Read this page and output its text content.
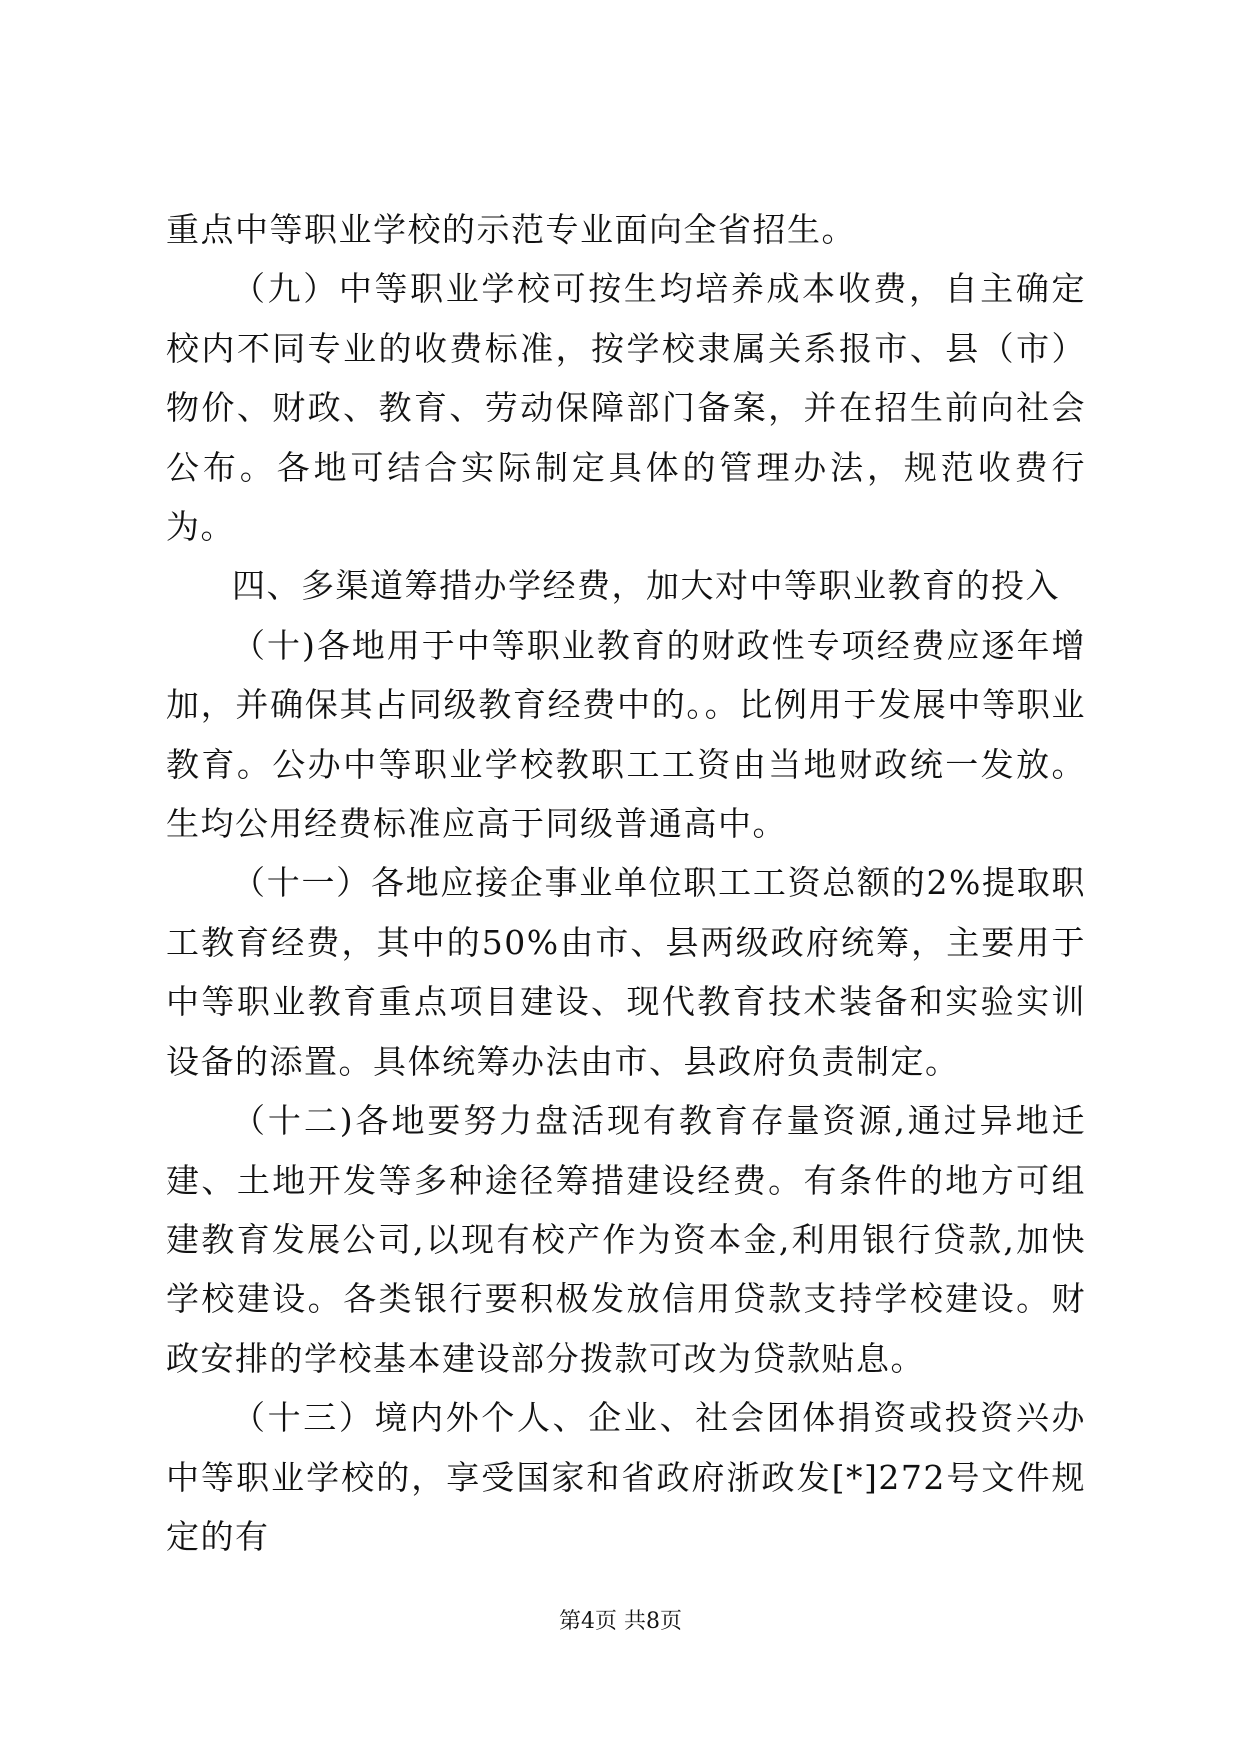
重点中等职业学校的示范专业面向全省招生。

（九）中等职业学校可按生均培养成本收费，自主确定校内不同专业的收费标准，按学校隶属关系报市、县（市）物价、财政、教育、劳动保障部门备案，并在招生前向社会公布。各地可结合实际制定具体的管理办法，规范收费行为。

四、多渠道筹措办学经费，加大对中等职业教育的投入

（十)各地用于中等职业教育的财政性专项经费应逐年增加，并确保其占同级教育经费中的。。比例用于发展中等职业教育。公办中等职业学校教职工工资由当地财政统一发放。生均公用经费标准应高于同级普通高中。

（十一）各地应接企事业单位职工工资总额的2%提取职工教育经费，其中的50%由市、县两级政府统筹，主要用于中等职业教育重点项目建设、现代教育技术装备和实验实训设备的添置。具体统筹办法由市、县政府负责制定。

（十二)各地要努力盘活现有教育存量资源,通过异地迁建、土地开发等多种途径筹措建设经费。有条件的地方可组建教育发展公司,以现有校产作为资本金,利用银行贷款,加快学校建设。各类银行要积极发放信用贷款支持学校建设。财政安排的学校基本建设部分拨款可改为贷款贴息。

（十三）境内外个人、企业、社会团体捐资或投资兴办中等职业学校的，享受国家和省政府浙政发[*]272号文件规定的有

第4页 共8页
